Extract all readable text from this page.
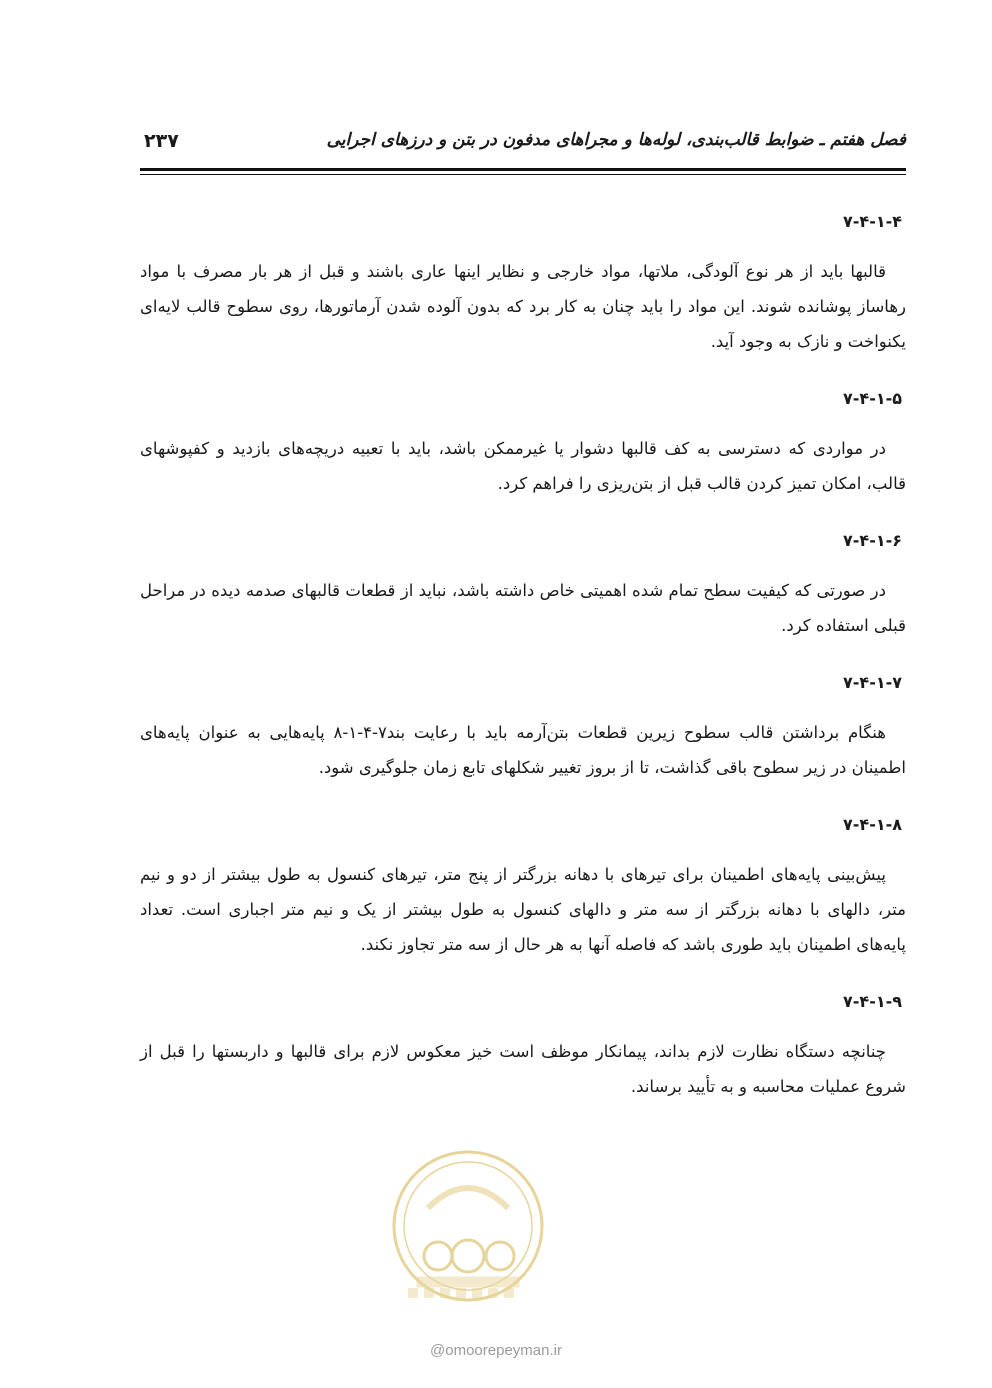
فصل هفتم ـ ضوابط قالب‌بندی، لوله‌ها و مجراهای مدفون در بتن و درزهای اجرایی
۲۳۷
۷-۴-۱-۴

قالبها باید از هر نوع آلودگی، ملاتها، مواد خارجی و نظایر اینها عاری باشند و قبل از هر بار مصرف با مواد رهاساز پوشانده شوند. این مواد را باید چنان به کار برد که بدون آلوده شدن آرماتورها، روی سطوح قالب لایه‌ای یکنواخت و نازک به وجود آید.

۷-۴-۱-۵

در مواردی که دسترسی به کف قالبها دشوار یا غیرممکن باشد، باید با تعبیه دریچه‌های بازدید و کفپوشهای قالب، امکان تمیز کردن قالب قبل از بتن‌ریزی را فراهم کرد.

۷-۴-۱-۶

در صورتی که کیفیت سطح تمام شده اهمیتی خاص داشته باشد، نباید از قطعات قالبهای صدمه دیده در مراحل قبلی استفاده کرد.

۷-۴-۱-۷

هنگام برداشتن قالب سطوح زیرین قطعات بتن‌آرمه باید با رعایت بند۷-۴-۱-۸ پایه‌هایی به عنوان پایه‌های اطمینان در زیر سطوح باقی گذاشت، تا از بروز تغییر شکلهای تابع زمان جلوگیری شود.

۷-۴-۱-۸

پیش‌بینی پایه‌های اطمینان برای تیرهای با دهانه بزرگتر از پنج متر، تیرهای کنسول به طول بیشتر از دو و نیم متر، دالهای با دهانه بزرگتر از سه متر و دالهای کنسول به طول بیشتر از یک و نیم متر اجباری است. تعداد پایه‌های اطمینان باید طوری باشد که فاصله آنها به هر حال از سه متر تجاوز نکند.

۷-۴-۱-۹

چنانچه دستگاه نظارت لازم بداند، پیمانکار موظف است خیز معکوس لازم برای قالبها و داربستها را قبل از شروع عملیات محاسبه و به تأیید برساند.

@omoorepeyman.ir
